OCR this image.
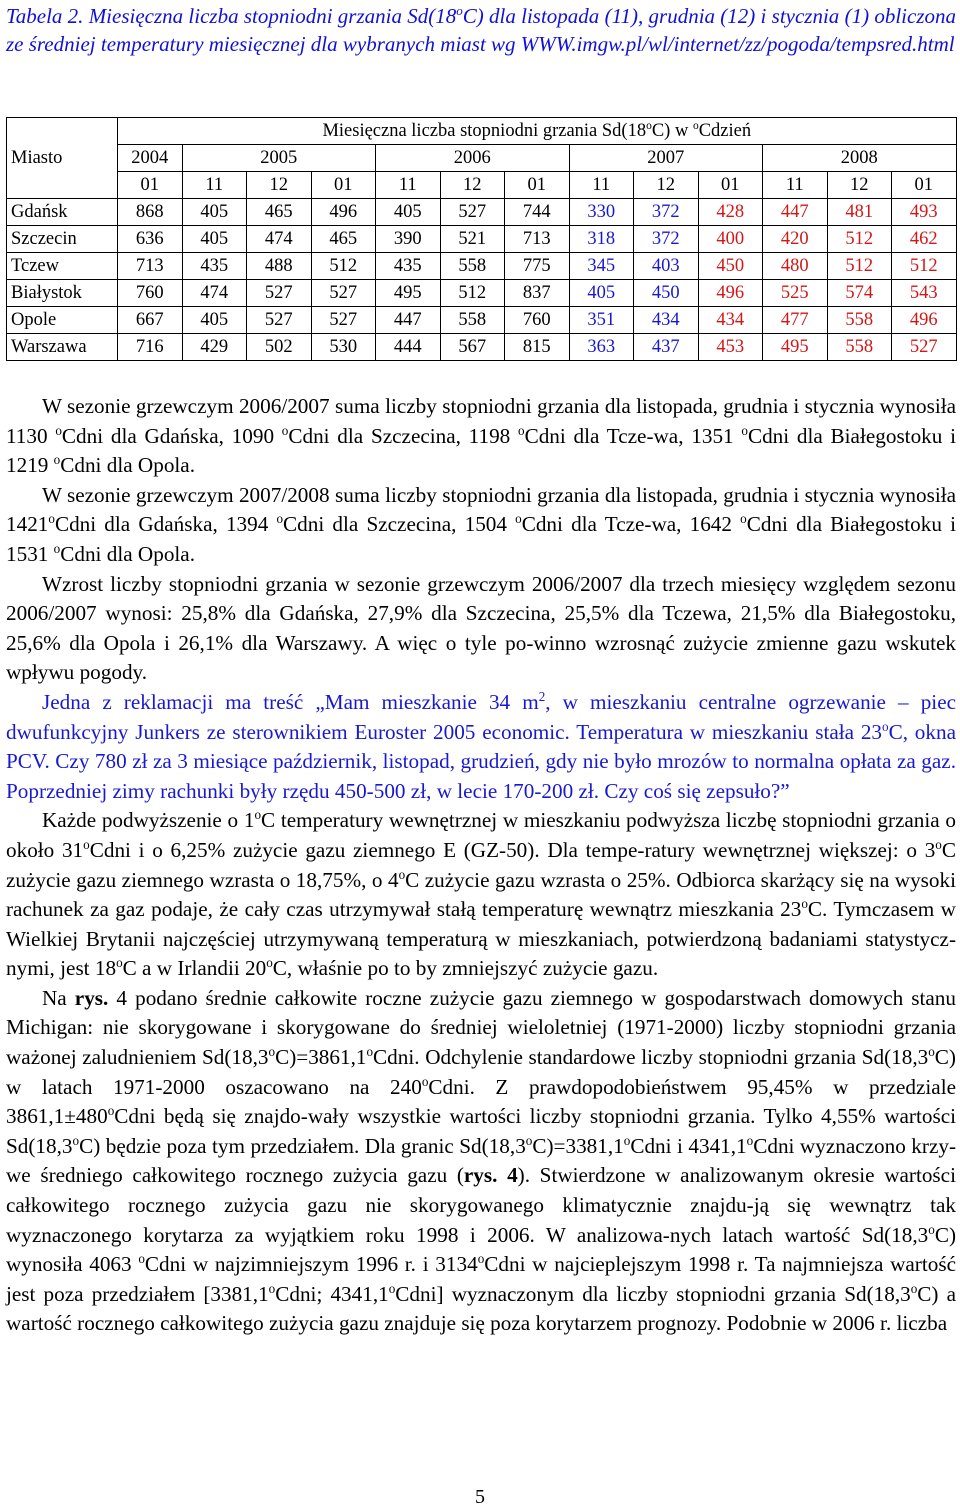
Tabela 2. Miesięczna liczba stopniodni grzania Sd(18$^o$C) dla listopada (11), grudnia (12) i stycznia (1) obliczona ze średniej temperatury miesięcznej dla wybranych miast wg WWW.imgw.pl/wl/internet/zz/pogoda/tempsred.html
Miasto	Miesięczna liczba stopniodni grzania Sd(18$^o$C) w $^o$Cdzień												
	2004	2005			2006			2007			2008		
	01	11	12	01	11	12	01	11	12	01	11	12	01
Gdańsk	868	405	465	496	405	527	744	330	372	428	447	481	493
Szczecin	636	405	474	465	390	521	713	318	372	400	420	512	462
Tczew	713	435	488	512	435	558	775	345	403	450	480	512	512
Białystok	760	474	527	527	495	512	837	405	450	496	525	574	543
Opole	667	405	527	527	447	558	760	351	434	434	477	558	496
Warszawa	716	429	502	530	444	567	815	363	437	453	495	558	527

W sezonie grzewczym 2006/2007 suma liczby stopniodni grzania dla listopada, grudnia i stycznia wynosiła 1130 $^o$Cdni dla Gdańska, 1090 $^o$Cdni dla Szczecina, 1198 $^o$Cdni dla Tcze-wa, 1351 $^o$Cdni dla Białegostoku i 1219 $^o$Cdni dla Opola.

W sezonie grzewczym 2007/2008 suma liczby stopniodni grzania dla listopada, grudnia i stycznia wynosiła 1421$^o$Cdni dla Gdańska, 1394 $^o$Cdni dla Szczecina, 1504 $^o$Cdni dla Tcze-wa, 1642 $^o$Cdni dla Białegostoku i 1531 $^o$Cdni dla Opola.

Wzrost liczby stopniodni grzania w sezonie grzewczym 2006/2007 dla trzech miesięcy względem sezonu 2006/2007 wynosi: 25,8% dla Gdańska, 27,9% dla Szczecina, 25,5% dla Tczewa, 21,5% dla Białegostoku, 25,6% dla Opola i 26,1% dla Warszawy. A więc o tyle po-winno wzrosnąć zużycie zmienne gazu wskutek wpływu pogody.

Jedna z reklamacji ma treść „Mam mieszkanie 34 $m^2$, w mieszkaniu centralne ogrzewanie – piec dwufunkcyjny Junkers ze sterownikiem Euroster 2005 economic. Temperatura w mieszkaniu stała 23$^o$C, okna PCV. Czy 780 zł za 3 miesiące październik, listopad, grudzień, gdy nie było mrozów to normalna opłata za gaz. Poprzedniej zimy rachunki były rzędu 450-500 zł, w lecie 170-200 zł. Czy coś się zepsuło?”

Każde podwyższenie o 1$^o$C temperatury wewnętrznej w mieszkaniu podwyższa liczbę stopniodni grzania o około 31$^o$Cdni i o 6,25% zużycie gazu ziemnego E (GZ-50). Dla tempe-ratury wewnętrznej większej: o 3$^o$C zużycie gazu ziemnego wzrasta o 18,75%, o 4$^o$C zużycie gazu wzrasta o 25%. Odbiorca skarżący się na wysoki rachunek za gaz podaje, że cały czas utrzymywał stałą temperaturę wewnątrz mieszkania 23$^o$C. Tymczasem w Wielkiej Brytanii najczęściej utrzymywaną temperaturą w mieszkaniach, potwierdzoną badaniami statystycz-nymi, jest 18$^o$C a w Irlandii 20$^o$C, właśnie po to by zmniejszyć zużycie gazu.

Na rys. 4 podano średnie całkowite roczne zużycie gazu ziemnego w gospodarstwach domowych stanu Michigan: nie skorygowane i skorygowane do średniej wieloletniej (1971-2000) liczby stopniodni grzania ważonej zaludnieniem $Sd(18,3^oC)=3861,1^oCdni$. Odchylenie standardowe liczby stopniodni grzania Sd(18,3$^o$C) w latach 1971-2000 oszacowano na 240$^o$Cdni. Z prawdopodobieństwem 95,45% w przedziale $3861,1\pm 480^oCdni$ będą się znajdo-wały wszystkie wartości liczby stopniodni grzania. Tylko 4,55% wartości Sd(18,3$^o$C) będzie poza tym przedziałem. Dla granic $Sd(18,3^oC)=3381,1^oCdni$ i 4341,1$^o$Cdni wyznaczono krzy-we średniego całkowitego rocznego zużycia gazu (rys. 4). Stwierdzone w analizowanym okresie wartości całkowitego rocznego zużycia gazu nie skorygowanego klimatycznie znajdu-ją się wewnątrz tak wyznaczonego korytarza za wyjątkiem roku 1998 i 2006. W analizowa-nych latach wartość Sd(18,3$^o$C) wynosiła 4063 $^o$Cdni w najzimniejszym 1996 r. i 3134$^o$Cdni w najcieplejszym 1998 r. Ta najmniejsza wartość jest poza przedziałem [3381,1$^o$Cdni; 4341,1$^o$Cdni] wyznaczonym dla liczby stopniodni grzania Sd(18,3$^o$C) a wartość rocznego całkowitego zużycia gazu znajduje się poza korytarzem prognozy. Podobnie w 2006 r. liczba

5
